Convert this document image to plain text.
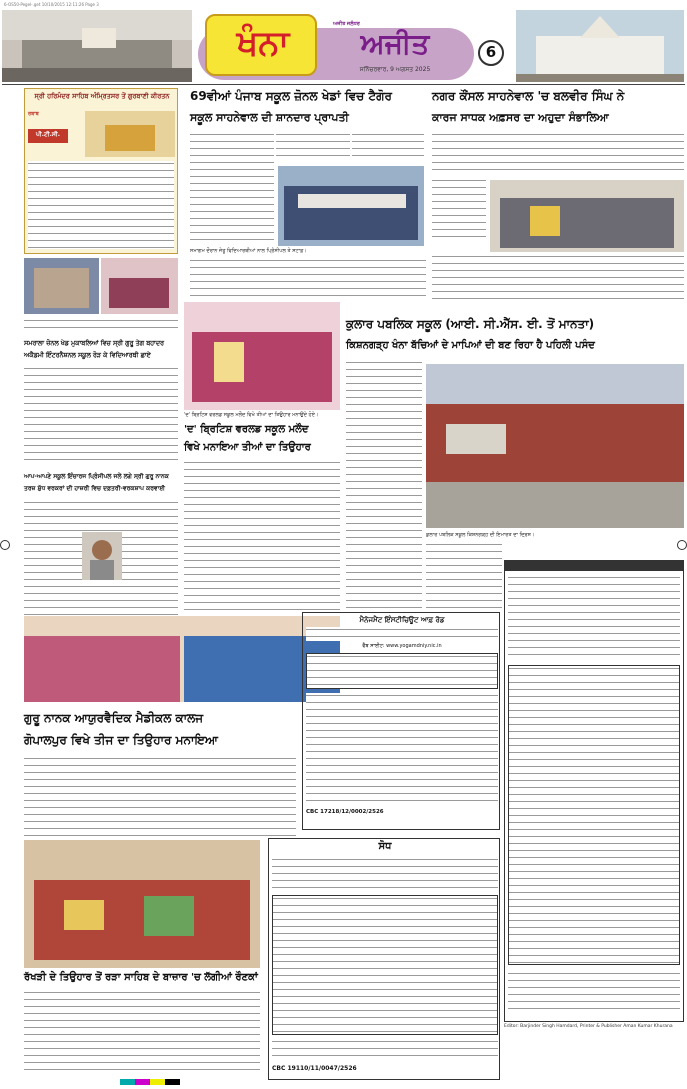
6-OS50-Pegel-.get 10/10/2015 12:11:26 Page 3
ਖੰਨਾ	ਅਜੀਤ ਜਲੰਧਰ
ਅਜੀਤ
ਸਨਿੱਚਰਵਾਰ, 9 ਅਗਸਤ 2025
6
ਸ੍ਰੀ ਹਰਿਮੰਦਰ ਸਾਹਿਬ ਅੰਮ੍ਰਿਤਸਰ ਤੋਂ ਗੁਰਬਾਣੀ ਕੀਰਤਨ
ਰਬਾਬ
ਪੀ.ਟੀ.ਸੀ.
ਸਮਰਾਲਾ ਜ਼ੋਨਲ ਖੇਡ ਮੁਕਾਬਲਿਆਂ ਵਿਚ ਸ੍ਰੀ ਗੁਰੂ ਤੇਗ ਬਹਾਦਰ
ਅਕੈਡਮੀ ਇੰਟਰਨੈਸ਼ਨਲ ਸਕੂਲ ਰੋੜ ਕੇ ਵਿਦਿਆਰਥੀ ਛਾਏ
ਆਪ-ਆਪਣੇ ਸਕੂਲ ਇੰਚਾਰਜ ਪ੍ਰਿੰਸੀਪਲ ਜਲੇ ਲਗੇ ਸ੍ਰੀ ਗੁਰੂ ਨਾਨਕ
ਤਰਜ਼ ਸ਼ੁੱਧ ਵਰਕਰਾਂ ਦੀ ਹਾਜ਼ਰੀ ਵਿਚ ਦਫ਼ਤਰੀ-ਵਰਕਸ਼ਾਪ ਕਰਵਾਈ
69ਵੀਆਂ ਪੰਜਾਬ ਸਕੂਲ ਜ਼ੋਨਲ ਖੇਡਾਂ ਵਿਚ ਟੈਗੋਰ
ਸਕੂਲ ਸਾਹਨੇਵਾਲ ਦੀ ਸ਼ਾਨਦਾਰ ਪ੍ਰਾਪਤੀ
ਸਮਾਗਮ ਦੌਰਾਨ ਜੇਤੂ ਵਿਦਿਆਰਥੀਆਂ ਨਾਲ ਪ੍ਰਿੰਸੀਪਲ ਤੇ ਸਟਾਫ਼।
ਨਗਰ ਕੌਂਸਲ ਸਾਹਨੇਵਾਲ 'ਚ ਬਲਵੀਰ ਸਿੰਘ ਨੇ
ਕਾਰਜ ਸਾਧਕ ਅਫ਼ਸਰ ਦਾ ਅਹੁਦਾ ਸੰਭਾਲਿਆ
'ਦ' ਬ੍ਰਿਟਿਸ਼ ਵਰਲਡ ਸਕੂਲ ਮਲੌਦ ਵਿਖੇ ਤੀਆਂ ਦਾ ਤਿਉਹਾਰ ਮਨਾਉਂਦੇ ਹੋਏ।
'ਦ' ਬ੍ਰਿਟਿਸ਼ ਵਰਲਡ ਸਕੂਲ ਮਲੌਦ
ਵਿਖੇ ਮਨਾਇਆ ਤੀਆਂ ਦਾ ਤਿਉਹਾਰ
ਕੁਲਾਰ ਪਬਲਿਕ ਸਕੂਲ (ਆਈ. ਸੀ.ਐੱਸ. ਈ. ਤੋਂ ਮਾਨਤਾ)
ਕਿਸ਼ਨਗੜ੍ਹ ਖੰਨਾ ਬੱਚਿਆਂ ਦੇ ਮਾਪਿਆਂ ਦੀ ਬਣ ਰਿਹਾ ਹੈ ਪਹਿਲੀ ਪਸੰਦ
ਕੁਲਾਰ ਪਬਲਿਕ ਸਕੂਲ ਕਿਸ਼ਨਗੜ੍ਹ ਦੀ ਇਮਾਰਤ ਦਾ ਦ੍ਰਿਸ਼।
Editor: Barjinder Singh Hamdard, Printer & Publisher Aman Kumar Khurana
ਗੁਰੂ ਨਾਨਕ ਆਯੁਰਵੈਦਿਕ ਮੈਡੀਕਲ ਕਾਲਜ
ਗੋਪਾਲਪੁਰ ਵਿਖੇ ਤੀਜ ਦਾ ਤਿਉਹਾਰ ਮਨਾਇਆ
ਮੈਨੇਜਮੈਂਟ ਇੰਸਟੀਚਿਊਟ ਆਫ਼ ਰੋਡ
ਵੈੱਬ ਸਾਈਟ: www.yogamdniy.nic.in
CBC 17218/12/0002/2526
ਸੋਧ
CBC 19110/11/0047/2526
ਰੱਖੜੀ ਦੇ ਤਿਉਹਾਰ ਤੋਂ ਰੜਾ ਸਾਹਿਬ ਦੇ ਬਾਜ਼ਾਰ 'ਚ ਲੱਗੀਆਂ ਰੌਣਕਾਂ
